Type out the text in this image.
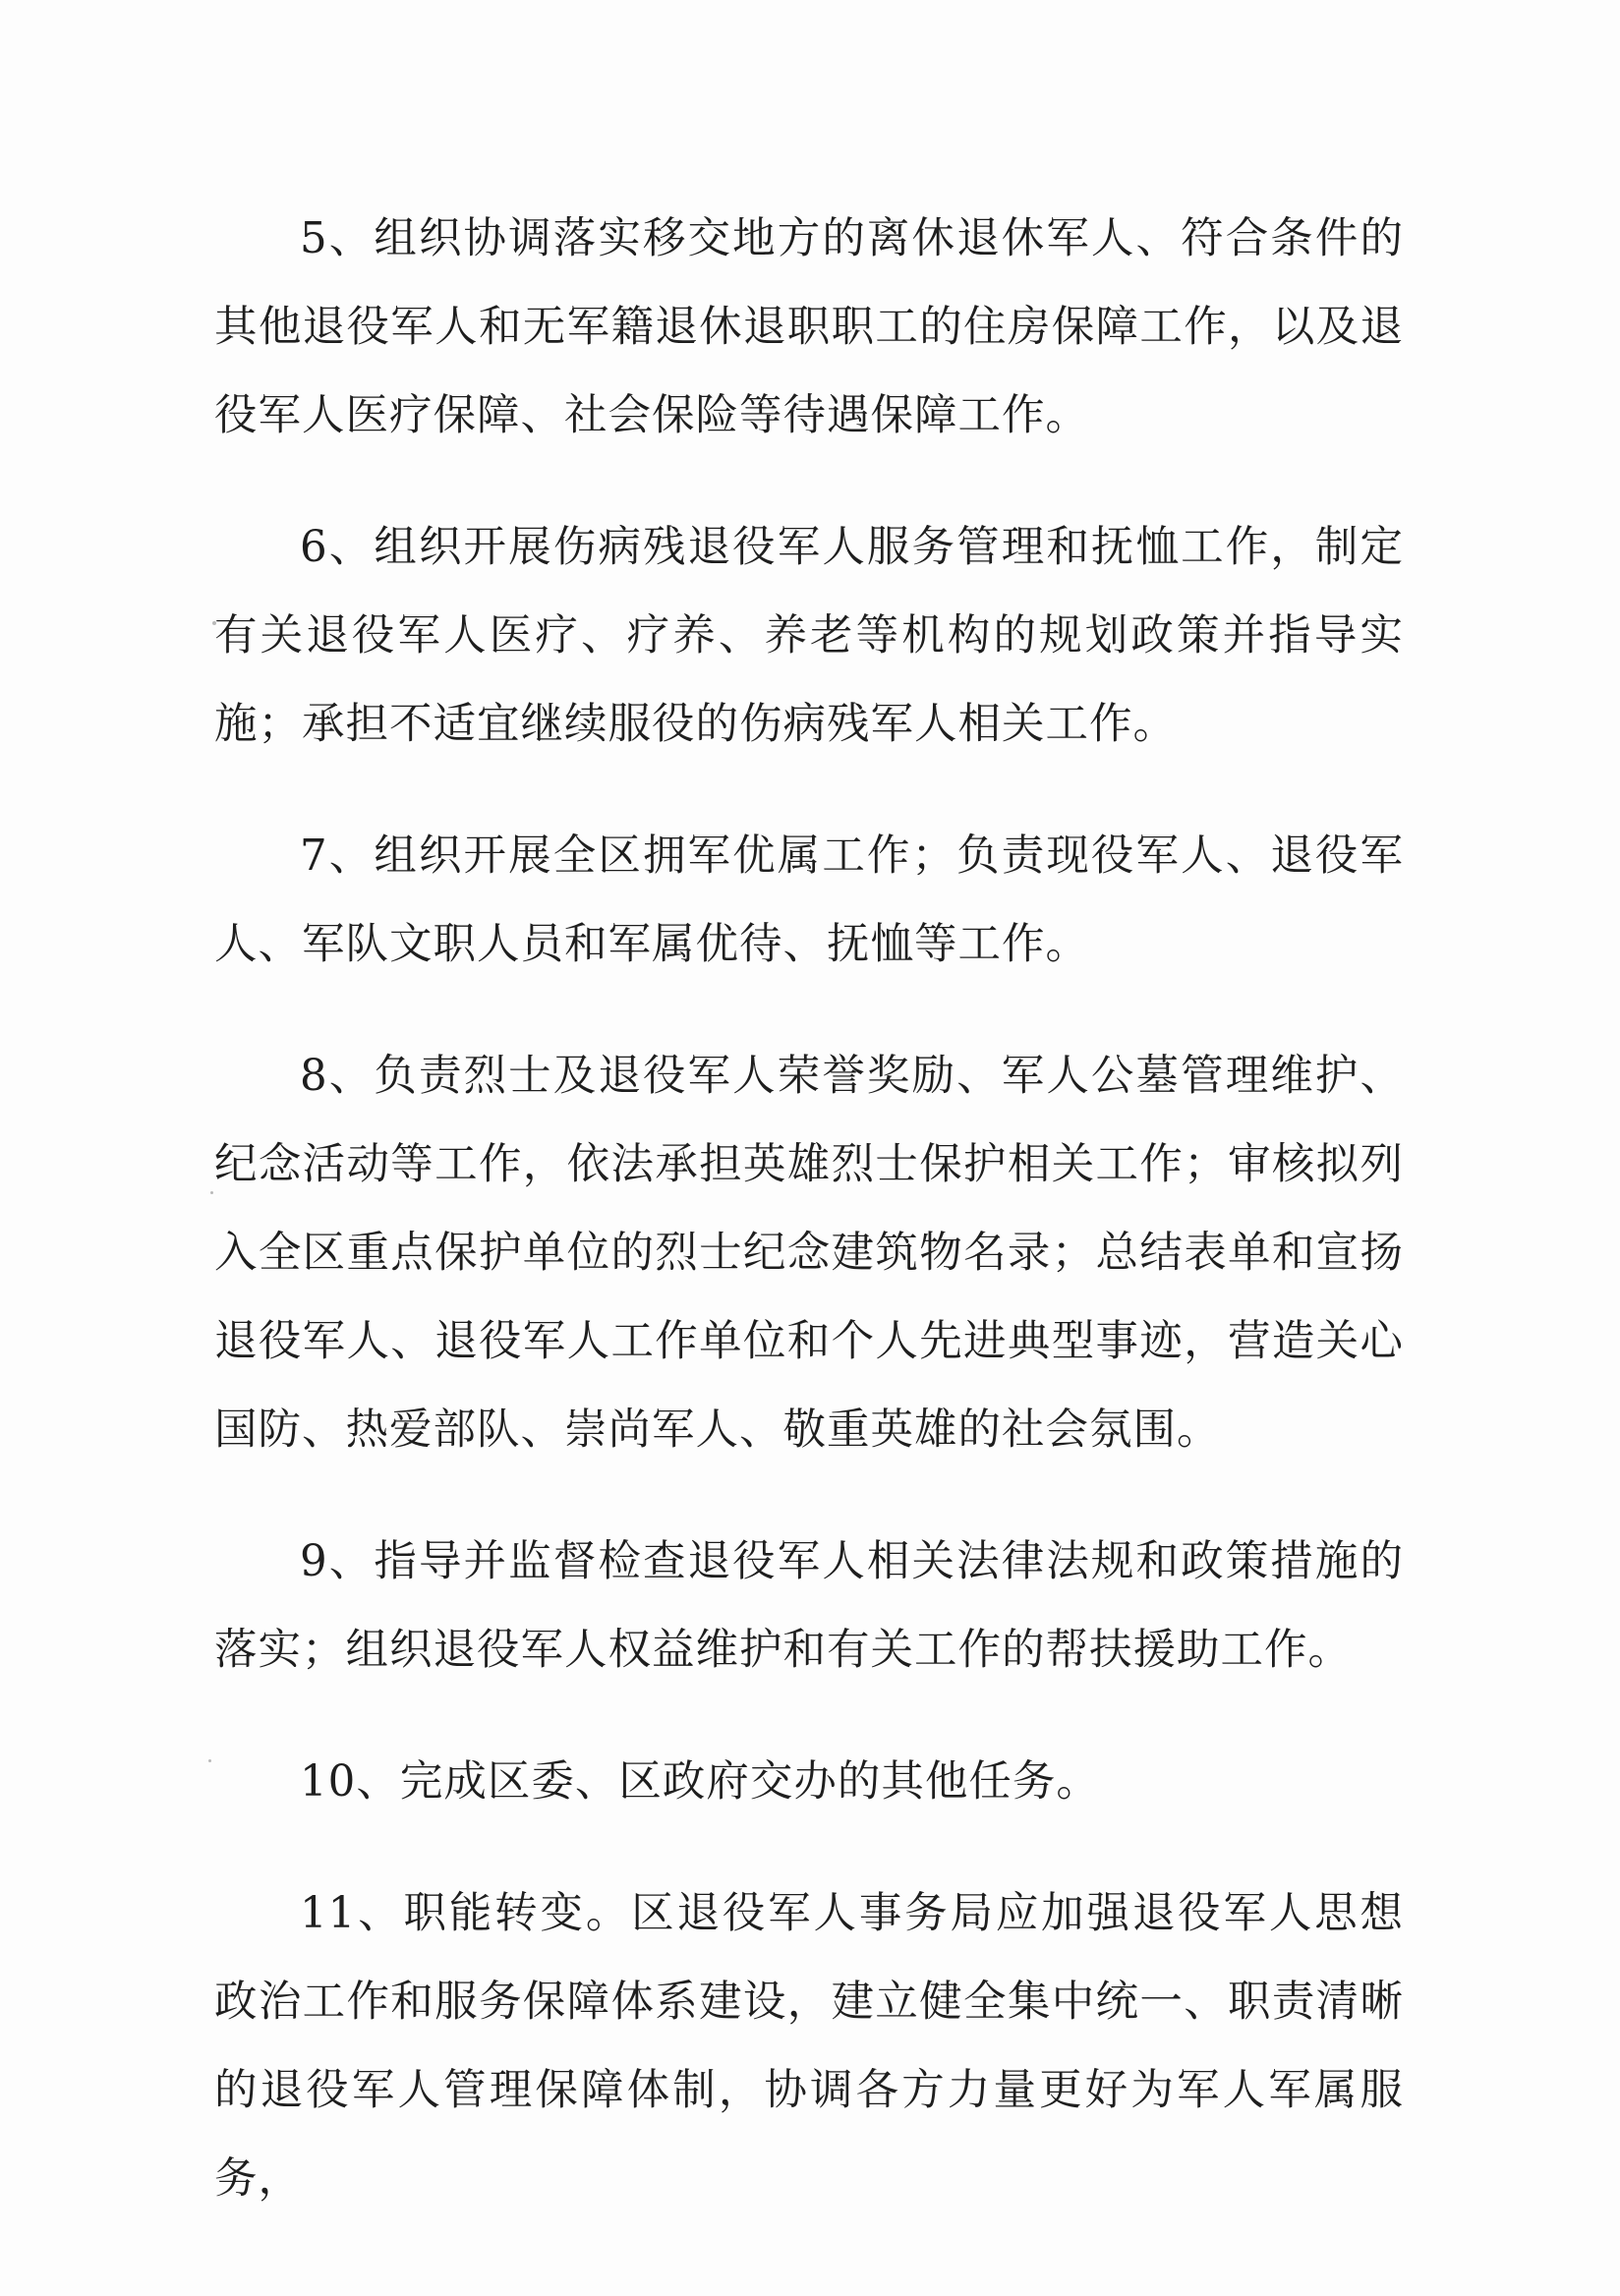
5、组织协调落实移交地方的离休退休军人、符合条件的其他退役军人和无军籍退休退职职工的住房保障工作，以及退役军人医疗保障、社会保险等待遇保障工作。

6、组织开展伤病残退役军人服务管理和抚恤工作，制定有关退役军人医疗、疗养、养老等机构的规划政策并指导实施；承担不适宜继续服役的伤病残军人相关工作。

7、组织开展全区拥军优属工作；负责现役军人、退役军人、军队文职人员和军属优待、抚恤等工作。

8、负责烈士及退役军人荣誉奖励、军人公墓管理维护、纪念活动等工作，依法承担英雄烈士保护相关工作；审核拟列入全区重点保护单位的烈士纪念建筑物名录；总结表单和宣扬退役军人、退役军人工作单位和个人先进典型事迹，营造关心国防、热爱部队、崇尚军人、敬重英雄的社会氛围。

9、指导并监督检查退役军人相关法律法规和政策措施的落实；组织退役军人权益维护和有关工作的帮扶援助工作。

10、完成区委、区政府交办的其他任务。

11、职能转变。区退役军人事务局应加强退役军人思想政治工作和服务保障体系建设，建立健全集中统一、职责清晰的退役军人管理保障体制，协调各方力量更好为军人军属服务，
